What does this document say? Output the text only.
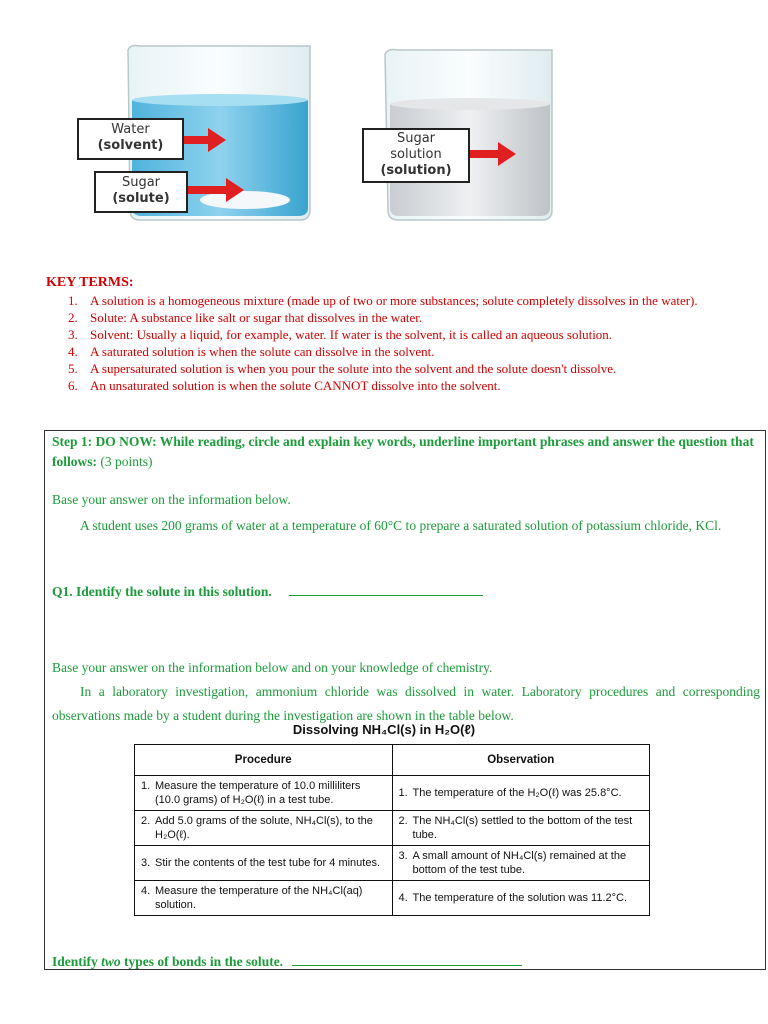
Water
(solvent)
Sugar
(solute)
Sugar
solution
(solution)
KEY TERMS:
1. A solution is a homogeneous mixture (made up of two or more substances; solute completely dissolves in the water).
2. Solute: A substance like salt or sugar that dissolves in the water.
3. Solvent: Usually a liquid, for example, water. If water is the solvent, it is called an aqueous solution.
4. A saturated solution is when the solute can dissolve in the solvent.
5. A supersaturated solution is when you pour the solute into the solvent and the solute doesn't dissolve.
6. An unsaturated solution is when the solute CANNOT dissolve into the solvent.
Step 1: DO NOW: While reading, circle and explain key words, underline important phrases and answer the question that follows: (3 points)
Base your answer on the information below.
A student uses 200 grams of water at a temperature of 60°C to prepare a saturated solution of potassium chloride, KCl.
Q1. Identify the solute in this solution.
Base your answer on the information below and on your knowledge of chemistry.
In a laboratory investigation, ammonium chloride was dissolved in water. Laboratory procedures and corresponding observations made by a student during the investigation are shown in the table below.
Dissolving NH₄Cl(s) in H₂O(ℓ)
Procedure	Observation

1. Measure the temperature of 10.0 milliliters (10.0 grams) of H₂O(ℓ) in a test tube.	1. The temperature of the H₂O(ℓ) was 25.8°C.

2. Add 5.0 grams of the solute, NH₄Cl(s), to the H₂O(ℓ).	2. The NH₄Cl(s) settled to the bottom of the test tube.

3. Stir the contents of the test tube for 4 minutes.	3. A small amount of NH₄Cl(s) remained at the bottom of the test tube.

4. Measure the temperature of the NH₄Cl(aq) solution.	4. The temperature of the solution was 11.2°C.
Identify two types of bonds in the solute.
